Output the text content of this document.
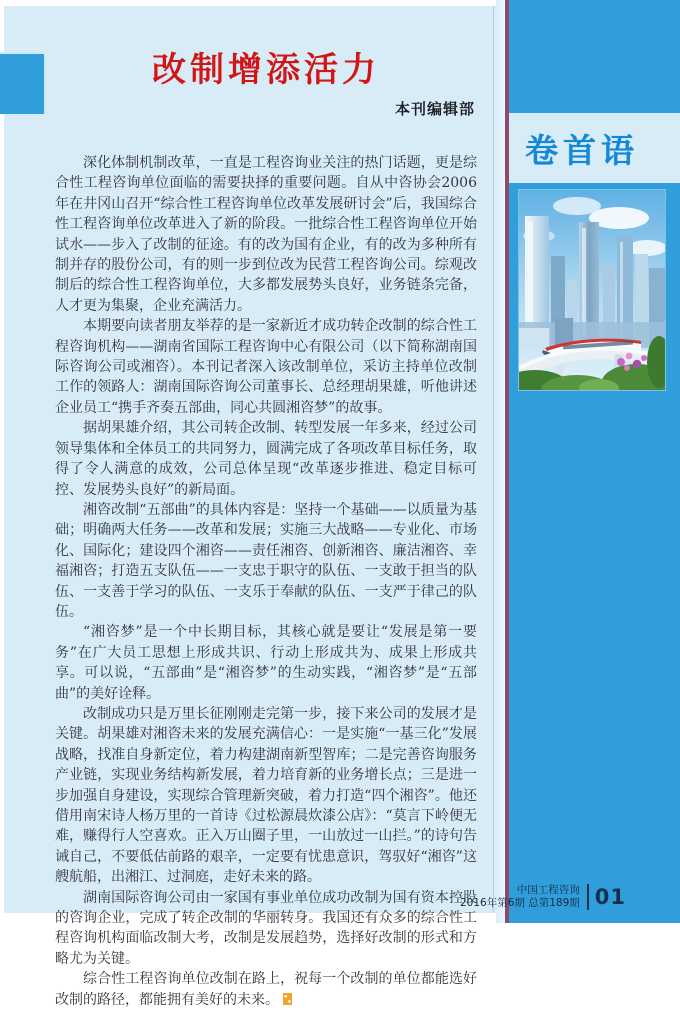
卷首语
中国工程咨询
2016年第6期 总第189期 01
改制增添活力
本刊编辑部

深化体制机制改革，一直是工程咨询业关注的热门话题，更是综合性工程咨询单位面临的需要抉择的重要问题。自从中咨协会2006年在井冈山召开“综合性工程咨询单位改革发展研讨会”后，我国综合性工程咨询单位改革进入了新的阶段。一批综合性工程咨询单位开始试水——步入了改制的征途。有的改为国有企业，有的改为多种所有制并存的股份公司，有的则一步到位改为民营工程咨询公司。综观改制后的综合性工程咨询单位，大多都发展势头良好，业务链条完备，人才更为集聚，企业充满活力。

本期要向读者朋友举荐的是一家新近才成功转企改制的综合性工程咨询机构——湖南省国际工程咨询中心有限公司（以下简称湖南国际咨询公司或湘咨）。本刊记者深入该改制单位，采访主持单位改制工作的领路人：湖南国际咨询公司董事长、总经理胡果雄，听他讲述企业员工“携手齐奏五部曲，同心共圆湘咨梦”的故事。

据胡果雄介绍，其公司转企改制、转型发展一年多来，经过公司领导集体和全体员工的共同努力，圆满完成了各项改革目标任务，取得了令人满意的成效，公司总体呈现“改革逐步推进、稳定目标可控、发展势头良好”的新局面。

湘咨改制“五部曲”的具体内容是：坚持一个基础——以质量为基础；明确两大任务——改革和发展；实施三大战略——专业化、市场化、国际化；建设四个湘咨——责任湘咨、创新湘咨、廉洁湘咨、幸福湘咨；打造五支队伍——一支忠于职守的队伍、一支敢于担当的队伍、一支善于学习的队伍、一支乐于奉献的队伍、一支严于律己的队伍。

“湘咨梦”是一个中长期目标，其核心就是要让“发展是第一要务”在广大员工思想上形成共识、行动上形成共为、成果上形成共享。可以说，“五部曲”是“湘咨梦”的生动实践，“湘咨梦”是“五部曲”的美好诠释。

改制成功只是万里长征刚刚走完第一步，接下来公司的发展才是关键。胡果雄对湘咨未来的发展充满信心：一是实施“一基三化”发展战略，找准自身新定位，着力构建湖南新型智库；二是完善咨询服务产业链，实现业务结构新发展，着力培育新的业务增长点；三是进一步加强自身建设，实现综合管理新突破，着力打造“四个湘咨”。他还借用南宋诗人杨万里的一首诗《过松源晨炊漆公店》：“莫言下岭便无难，赚得行人空喜欢。正入万山圈子里，一山放过一山拦。”的诗句告诫自己，不要低估前路的艰辛，一定要有忧患意识，驾驭好“湘咨”这艘航船，出湘江、过洞庭，走好未来的路。

湖南国际咨询公司由一家国有事业单位成功改制为国有资本控股的咨询企业，完成了转企改制的华丽转身。我国还有众多的综合性工程咨询机构面临改制大考，改制是发展趋势，选择好改制的形式和方略尤为关键。

综合性工程咨询单位改制在路上，祝每一个改制的单位都能选好改制的路径，都能拥有美好的未来。
